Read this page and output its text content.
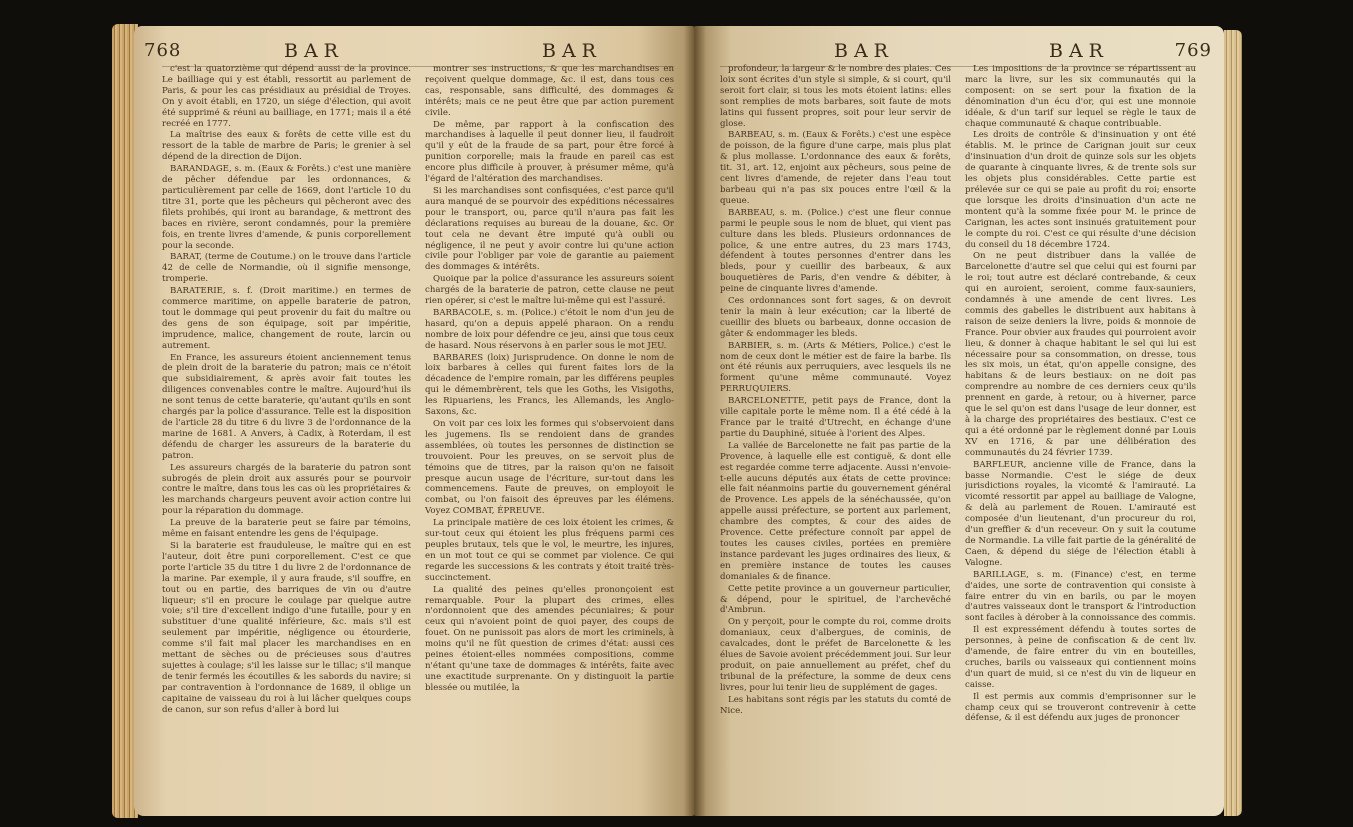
768	BAR	BAR

c'est la quatorzième qui dépend aussi de la province. Le bailliage qui y est établi, ressortit au parlement de Paris, & pour les cas présidiaux au présidial de Troyes. On y avoit établi, en 1720, un siége d'élection, qui avoit été supprimé & réuni au bailliage, en 1771; mais il a été recréé en 1777.

La maîtrise des eaux & forêts de cette ville est du ressort de la table de marbre de Paris; le grenier à sel dépend de la direction de Dijon.

BARANDAGE, s. m. (Eaux & Forêts.) c'est une manière de pêcher défendue par les ordonnances, & particulièrement par celle de 1669, dont l'article 10 du titre 31, porte que les pêcheurs qui pêcheront avec des filets prohibés, qui iront au barandage, & mettront des baces en rivière, seront condamnés, pour la première fois, en trente livres d'amende, & punis corporellement pour la seconde.

BARAT, (terme de Coutume.) on le trouve dans l'article 42 de celle de Normandie, où il signifie mensonge, tromperie.

BARATERIE, s. f. (Droit maritime.) en termes de commerce maritime, on appelle baraterie de patron, tout le dommage qui peut provenir du fait du maître ou des gens de son équipage, soit par impéritie, imprudence, malice, changement de route, larcin ou autrement.

En France, les assureurs étoient anciennement tenus de plein droit de la baraterie du patron; mais ce n'étoit que subsidiairement, & après avoir fait toutes les diligences convenables contre le maître. Aujourd'hui ils ne sont tenus de cette baraterie, qu'autant qu'ils en sont chargés par la police d'assurance. Telle est la disposition de l'article 28 du titre 6 du livre 3 de l'ordonnance de la marine de 1681. A Anvers, à Cadix, à Roterdam, il est défendu de charger les assureurs de la baraterie du patron.

Les assureurs chargés de la baraterie du patron sont subrogés de plein droit aux assurés pour se pourvoir contre le maître, dans tous les cas où les propriétaires & les marchands chargeurs peuvent avoir action contre lui pour la réparation du dommage.

La preuve de la baraterie peut se faire par témoins, même en faisant entendre les gens de l'équipage.

Si la baraterie est frauduleuse, le maître qui en est l'auteur, doit être puni corporellement. C'est ce que porte l'article 35 du titre 1 du livre 2 de l'ordonnance de la marine. Par exemple, il y aura fraude, s'il souffre, en tout ou en partie, des barriques de vin ou d'autre liqueur; s'il en procure le coulage par quelque autre voie; s'il tire d'excellent indigo d'une futaille, pour y en substituer d'une qualité inférieure, &c. mais s'il est seulement par impéritie, négligence ou étourderie, comme s'il fait mal placer les marchandises en en mettant de sèches ou de précieuses sous d'autres sujettes à coulage; s'il les laisse sur le tillac; s'il manque de tenir fermés les écoutilles & les sabords du navire; si par contravention à l'ordonnance de 1689, il oblige un capitaine de vaisseau du roi à lui lâcher quelques coups de canon, sur son refus d'aller à bord lui

montrer ses instructions, & que les marchandises en reçoivent quelque dommage, &c. il est, dans tous ces cas, responsable, sans difficulté, des dommages & intérêts; mais ce ne peut être que par action purement civile.

De même, par rapport à la confiscation des marchandises à laquelle il peut donner lieu, il faudroit qu'il y eût de la fraude de sa part, pour être forcé à punition corporelle; mais la fraude en pareil cas est encore plus difficile à prouver, à présumer même, qu'à l'égard de l'altération des marchandises.

Si les marchandises sont confisquées, c'est parce qu'il aura manqué de se pourvoir des expéditions nécessaires pour le transport, ou, parce qu'il n'aura pas fait les déclarations requises au bureau de la douane, &c. Or tout cela ne devant être imputé qu'à oubli ou négligence, il ne peut y avoir contre lui qu'une action civile pour l'obliger par voie de garantie au paiement des dommages & intérêts.

Quoique par la police d'assurance les assureurs soient chargés de la baraterie de patron, cette clause ne peut rien opérer, si c'est le maître lui-même qui est l'assuré.

BARBACOLE, s. m. (Police.) c'étoit le nom d'un jeu de hasard, qu'on a depuis appelé pharaon. On a rendu nombre de loix pour défendre ce jeu, ainsi que tous ceux de hasard. Nous réservons à en parler sous le mot JEU.

BARBARES (loix) Jurisprudence. On donne le nom de loix barbares à celles qui furent faites lors de la décadence de l'empire romain, par les différens peuples qui le démembrèrent, tels que les Goths, les Visigoths, les Ripuariens, les Francs, les Allemands, les Anglo-Saxons, &c.

On voit par ces loix les formes qui s'observoient dans les jugemens. Ils se rendoient dans de grandes assemblées, où toutes les personnes de distinction se trouvoient. Pour les preuves, on se servoit plus de témoins que de titres, par la raison qu'on ne faisoit presque aucun usage de l'écriture, sur-tout dans les commencemens. Faute de preuves, on employoit le combat, ou l'on faisoit des épreuves par les élémens. Voyez COMBAT, ÉPREUVE.

La principale matière de ces loix étoient les crimes, & sur-tout ceux qui étoient les plus fréquens parmi ces peuples brutaux, tels que le vol, le meurtre, les injures, en un mot tout ce qui se commet par violence. Ce qui regarde les successions & les contrats y étoit traité très-succinctement.

La qualité des peines qu'elles prononçoient est remarquable. Pour la plupart des crimes, elles n'ordonnoient que des amendes pécuniaires; & pour ceux qui n'avoient point de quoi payer, des coups de fouet. On ne punissoit pas alors de mort les criminels, à moins qu'il ne fût question de crimes d'état: aussi ces peines étoient-elles nommées compositions, comme n'étant qu'une taxe de dommages & intérêts, faite avec une exactitude surprenante. On y distinguoit la partie blessée ou mutilée, la

BAR	BAR	769

profondeur, la largeur & le nombre des plaies. Ces loix sont écrites d'un style si simple, & si court, qu'il seroit fort clair, si tous les mots étoient latins: elles sont remplies de mots barbares, soit faute de mots latins qui fussent propres, soit pour leur servir de glose.

BARBEAU, s. m. (Eaux & Forêts.) c'est une espèce de poisson, de la figure d'une carpe, mais plus plat & plus mollasse. L'ordonnance des eaux & forêts, tit. 31, art. 12, enjoint aux pêcheurs, sous peine de cent livres d'amende, de rejeter dans l'eau tout barbeau qui n'a pas six pouces entre l'œil & la queue.

BARBEAU, s. m. (Police.) c'est une fleur connue parmi le peuple sous le nom de bluet, qui vient pas culture dans les bleds. Plusieurs ordonnances de police, & une entre autres, du 23 mars 1743, défendent à toutes personnes d'entrer dans les bleds, pour y cueillir des barbeaux, & aux bouquetières de Paris, d'en vendre & débiter, à peine de cinquante livres d'amende.

Ces ordonnances sont fort sages, & on devroit tenir la main à leur exécution; car la liberté de cueillir des bluets ou barbeaux, donne occasion de gâter & endommager les bleds.

BARBIER, s. m. (Arts & Métiers, Police.) c'est le nom de ceux dont le métier est de faire la barbe. Ils ont été réunis aux perruquiers, avec lesquels ils ne forment qu'une même communauté. Voyez PERRUQUIERS.

BARCELONETTE, petit pays de France, dont la ville capitale porte le même nom. Il a été cédé à la France par le traité d'Utrecht, en échange d'une partie du Dauphiné, située à l'orient des Alpes.

La vallée de Barcelonette ne fait pas partie de la Provence, à laquelle elle est contiguë, & dont elle est regardée comme terre adjacente. Aussi n'envoie-t-elle aucuns députés aux états de cette province: elle fait néanmoins partie du gouvernement général de Provence. Les appels de la sénéchaussée, qu'on appelle aussi préfecture, se portent aux parlement, chambre des comptes, & cour des aides de Provence. Cette préfecture connoît par appel de toutes les causes civiles, portées en première instance pardevant les juges ordinaires des lieux, & en première instance de toutes les causes domaniales & de finance.

Cette petite province a un gouverneur particulier, & dépend, pour le spirituel, de l'archevêché d'Ambrun.

On y perçoit, pour le compte du roi, comme droits domaniaux, ceux d'albergues, de cominis, de cavalcades, dont le préfet de Barcelonette & les élues de Savoie avoient précédemment joui. Sur leur produit, on paie annuellement au préfet, chef du tribunal de la préfecture, la somme de deux cens livres, pour lui tenir lieu de supplément de gages.

Les habitans sont régis par les statuts du comté de Nice.

Les impositions de la province se répartissent au marc la livre, sur les six communautés qui la composent: on se sert pour la fixation de la dénomination d'un écu d'or, qui est une monnoie idéale, & d'un tarif sur lequel se règle le taux de chaque communauté & chaque contribuable.

Les droits de contrôle & d'insinuation y ont été établis. M. le prince de Carignan jouit sur ceux d'insinuation d'un droit de quinze sols sur les objets de quarante à cinquante livres, & de trente sols sur les objets plus considérables. Cette partie est prélevée sur ce qui se paie au profit du roi; ensorte que lorsque les droits d'insinuation d'un acte ne montent qu'à la somme fixée pour M. le prince de Carignan, les actes sont insinués gratuitement pour le compte du roi. C'est ce qui résulte d'une décision du conseil du 18 décembre 1724.

On ne peut distribuer dans la vallée de Barcelonette d'autre sel que celui qui est fourni par le roi; tout autre est déclaré contrebande, & ceux qui en auroient, seroient, comme faux-sauniers, condamnés à une amende de cent livres. Les commis des gabelles le distribuent aux habitans à raison de seize deniers la livre, poids & monnoie de France. Pour obvier aux fraudes qui pourroient avoir lieu, & donner à chaque habitant le sel qui lui est nécessaire pour sa consommation, on dresse, tous les six mois, un état, qu'on appelle consigne, des habitans & de leurs bestiaux: on ne doit pas comprendre au nombre de ces derniers ceux qu'ils prennent en garde, à retour, ou à hiverner, parce que le sel qu'on est dans l'usage de leur donner, est à la charge des propriétaires des bestiaux. C'est ce qui a été ordonné par le règlement donné par Louis XV en 1716, & par une délibération des communautés du 24 février 1739.

BARFLEUR, ancienne ville de France, dans la basse Normandie. C'est le siége de deux jurisdictions royales, la vicomté & l'amirauté. La vicomté ressortit par appel au bailliage de Valogne, & delà au parlement de Rouen. L'amirauté est composée d'un lieutenant, d'un procureur du roi, d'un greffier & d'un receveur. On y suit la coutume de Normandie. La ville fait partie de la généralité de Caen, & dépend du siége de l'élection établi à Valogne.

BARILLAGE, s. m. (Finance) c'est, en terme d'aides, une sorte de contravention qui consiste à faire entrer du vin en barils, ou par le moyen d'autres vaisseaux dont le transport & l'introduction sont faciles à dérober à la connoissance des commis.

Il est expressément défendu à toutes sortes de personnes, à peine de confiscation & de cent liv. d'amende, de faire entrer du vin en bouteilles, cruches, barils ou vaisseaux qui contiennent moins d'un quart de muid, si ce n'est du vin de liqueur en caisse.

Il est permis aux commis d'emprisonner sur le champ ceux qui se trouveront contrevenir à cette défense, & il est défendu aux juges de prononcer
